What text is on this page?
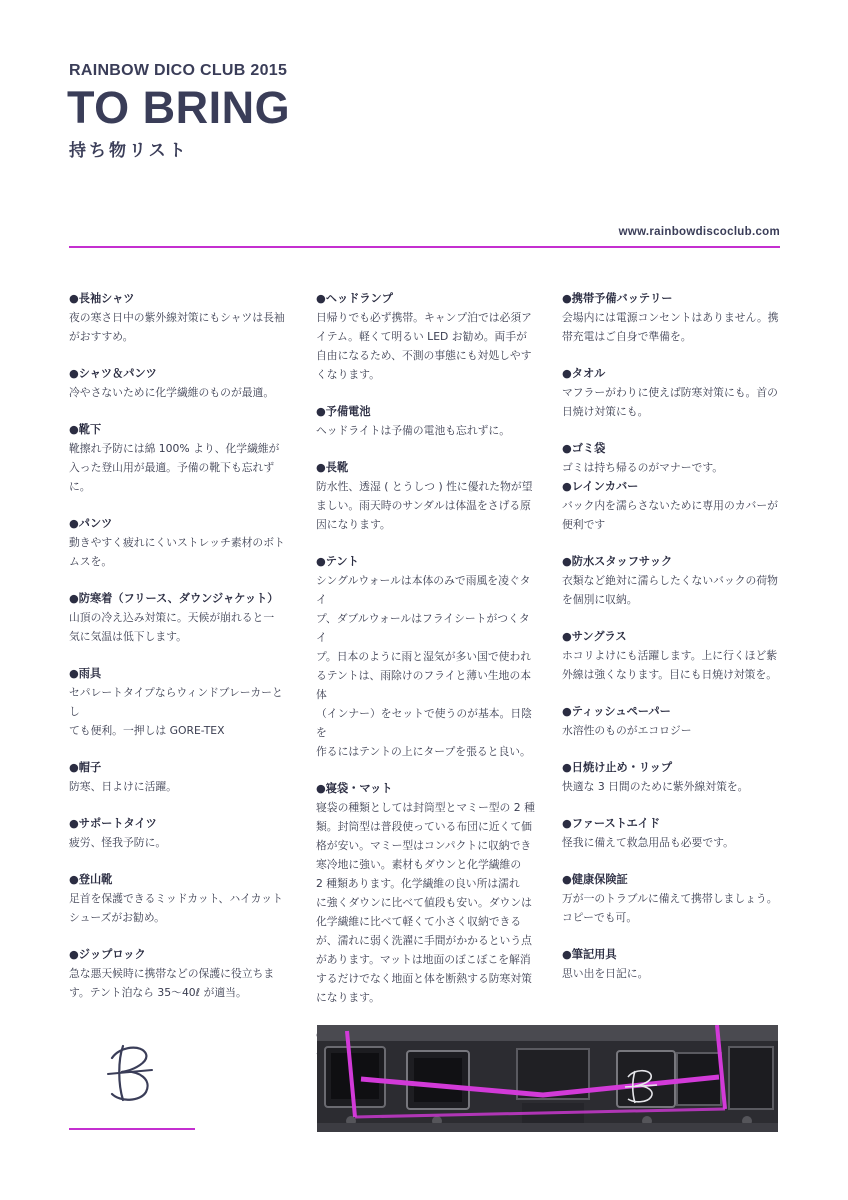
RAINBOW DICO CLUB 2015
TO BRING
持ち物リスト
www.rainbowdiscoclub.com
●長袖シャツ
夜の寒さ日中の紫外線対策にもシャツは長袖
がおすすめ。
●シャツ＆パンツ
冷やさないために化学繊維のものが最適。
●靴下
靴擦れ予防には綿 100% より、化学繊維が
入った登山用が最適。予備の靴下も忘れずに。
●パンツ
動きやすく疲れにくいストレッチ素材のボト
ムスを。
●防寒着（フリース、ダウンジャケット）
山頂の冷え込み対策に。天候が崩れると一
気に気温は低下します。
●雨具
セパレートタイプならウィンドブレーカーとし
ても便利。一押しは GORE-TEX
●帽子
防寒、日よけに活躍。
●サポートタイツ
疲労、怪我予防に。
●登山靴
足首を保護できるミッドカット、ハイカット
シューズがお勧め。
●ジップロック
急な悪天候時に携帯などの保護に役立ちま
す。テント泊なら 35〜40ℓ が適当。
●ヘッドランプ
日帰りでも必ず携帯。キャンプ泊では必須ア
イテム。軽くて明るい LED お勧め。両手が
自由になるため、不測の事態にも対処しやす
くなります。
●予備電池
ヘッドライトは予備の電池も忘れずに。
●長靴
防水性、透湿 ( とうしつ ) 性に優れた物が望
ましい。雨天時のサンダルは体温をさげる原
因になります。
●テント
シングルウォールは本体のみで雨風を凌ぐタイ
プ、ダブルウォールはフライシートがつくタイ
プ。日本のように雨と湿気が多い国で使われ
るテントは、雨除けのフライと薄い生地の本体
（インナー）をセットで使うのが基本。日陰を
作るにはテントの上にタープを張ると良い。
●寝袋・マット
寝袋の種類としては封筒型とマミー型の 2 種
類。封筒型は普段使っている布団に近くて価
格が安い。マミー型はコンパクトに収納でき
寒冷地に強い。素材もダウンと化学繊維の
2 種類あります。化学繊維の良い所は濡れ
に強くダウンに比べて値段も安い。ダウンは
化学繊維に比べて軽くて小さく収納できる
が、濡れに弱く洗濯に手間がかかるという点
があります。マットは地面のぼこぼこを解消
するだけでなく地面と体を断熱する防寒対策
になります。
●携帯予備バッテリー
会場内には電源コンセントはありません。携
帯充電はご自身で準備を。
●タオル
マフラーがわりに使えば防寒対策にも。首の
日焼け対策にも。
●ゴミ袋
ゴミは持ち帰るのがマナーです。
●レインカバー
バック内を濡らさないために専用のカバーが
便利です
●防水スタッフサック
衣類など絶対に濡らしたくないバックの荷物
を個別に収納。
●サングラス
ホコリよけにも活躍します。上に行くほど紫
外線は強くなります。目にも日焼け対策を。
●ティッシュペーパー
水溶性のものがエコロジー
●日焼け止め・リップ
快適な 3 日間のために紫外線対策を。
●ファーストエイド
怪我に備えて救急用品も必要です。
●健康保険証
万が一のトラブルに備えて携帯しましょう。
コピーでも可。
●筆記用具
思い出を日記に。
